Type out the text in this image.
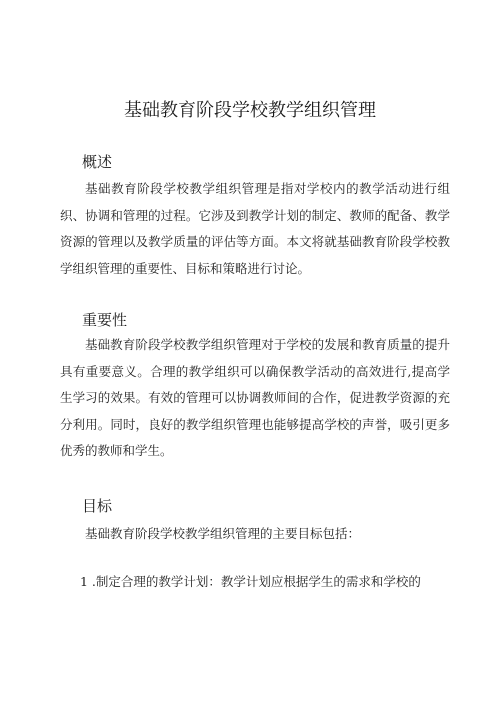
基础教育阶段学校教学组织管理
概述

基础教育阶段学校教学组织管理是指对学校内的教学活动进行组织、协调和管理的过程。它涉及到教学计划的制定、教师的配备、教学资源的管理以及教学质量的评估等方面。本文将就基础教育阶段学校教学组织管理的重要性、目标和策略进行讨论。

重要性

基础教育阶段学校教学组织管理对于学校的发展和教育质量的提升具有重要意义。合理的教学组织可以确保教学活动的高效进行,提高学生学习的效果。有效的管理可以协调教师间的合作，促进教学资源的充分利用。同时，良好的教学组织管理也能够提高学校的声誉，吸引更多优秀的教师和学生。

目标

基础教育阶段学校教学组织管理的主要目标包括：

1 .制定合理的教学计划：教学计划应根据学生的需求和学校的
